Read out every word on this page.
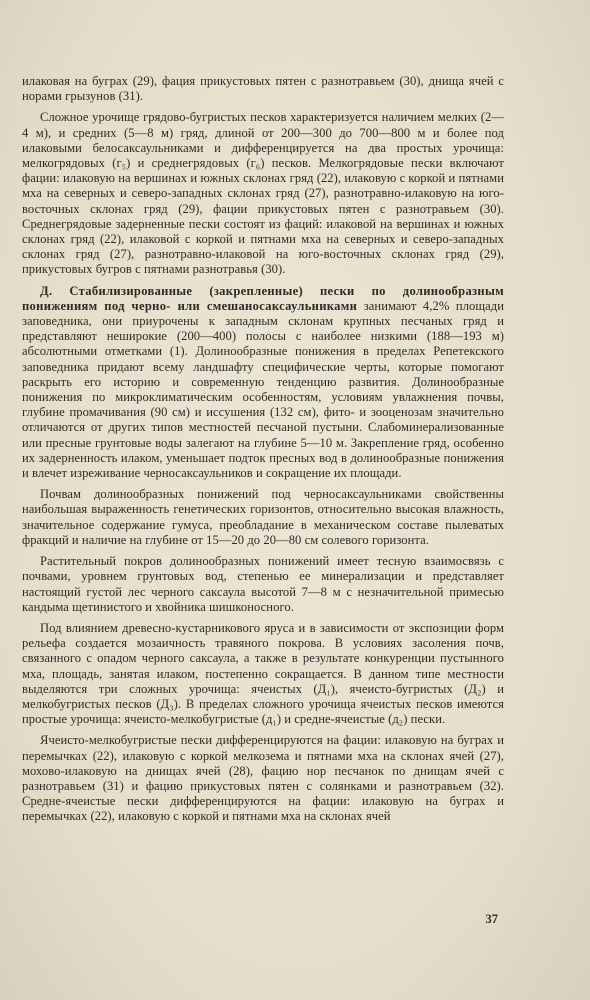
илаковая на буграх (29), фация прикустовых пятен с разнотравьем (30), днища ячей с норами грызунов (31).

Сложное урочище грядово-бугристых песков характеризуется наличием мелких (2—4 м), и средних (5—8 м) гряд, длиной от 200—300 до 700—800 м и более под илаковыми белосаксаульниками и дифференцируется на два простых урочища: мелкогрядовых (г₅) и среднегрядовых (г₆) песков. Мелкогрядовые пески включают фации: илаковую на вершинах и южных склонах гряд (22), илаковую с коркой и пятнами мха на северных и северо-западных склонах гряд (27), разнотравно-илаковую на юго-восточных склонах гряд (29), фации прикустовых пятен с разнотравьем (30). Среднегрядовые задерненные пески состоят из фаций: илаковой на вершинах и южных склонах гряд (22), илаковой с коркой и пятнами мха на северных и северо-западных склонах гряд (27), разнотравно-илаковой на юго-восточных склонах гряд (29), прикустовых бугров с пятнами разнотравья (30).

Д. Стабилизированные (закрепленные) пески по долинообразным понижениям под черно- или смешаносаксаульниками занимают 4,2% площади заповедника, они приурочены к западным склонам крупных песчаных гряд и представляют неширокие (200—400) полосы с наиболее низкими (188—193 м) абсолютными отметками (1). Долинообразные понижения в пределах Репетекского заповедника придают всему ландшафту специфические черты, которые помогают раскрыть его историю и современную тенденцию развития. Долинообразные понижения по микроклиматическим особенностям, условиям увлажнения почвы, глубине промачивания (90 см) и иссушения (132 см), фито- и зооценозам значительно отличаются от других типов местностей песчаной пустыни. Слабоминерализованные или пресные грунтовые воды залегают на глубине 5—10 м. Закрепление гряд, особенно их задерненность илаком, уменьшает подток пресных вод в долинообразные понижения и влечет изреживание черносаксаульников и сокращение их площади.

Почвам долинообразных понижений под черносаксаульниками свойственны наибольшая выраженность генетических горизонтов, относительно высокая влажность, значительное содержание гумуса, преобладание в механическом составе пылеватых фракций и наличие на глубине от 15—20 до 20—80 см солевого горизонта.

Растительный покров долинообразных понижений имеет тесную взаимосвязь с почвами, уровнем грунтовых вод, степенью ее минерализации и представляет настоящий густой лес черного саксаула высотой 7—8 м с незначительной примесью кандыма щетинистого и хвойника шишконосного.

Под влиянием древесно-кустарникового яруса и в зависимости от экспозиции форм рельефа создается мозаичность травяного покрова. В условиях засоления почв, связанного с опадом черного саксаула, а также в результате конкуренции пустынного мха, площадь, занятая илаком, постепенно сокращается. В данном типе местности выделяются три сложных урочища: ячеистых (Д₁), ячеисто-бугристых (Д₂) и мелкобугристых песков (Д₃). В пределах сложного урочища ячеистых песков имеются простые урочища: ячеисто-мелкобугристые (д₁) и средне-ячеистые (д₂) пески.

Ячеисто-мелкобугристые пески дифференцируются на фации: илаковую на буграх и перемычках (22), илаковую с коркой мелкозема и пятнами мха на склонах ячей (27), мохово-илаковую на днищах ячей (28), фацию нор песчанок по днищам ячей с разнотравьем (31) и фацию прикустовых пятен с солянками и разнотравьем (32). Средне-ячеистые пески дифференцируются на фации: илаковую на буграх и перемычках (22), илаковую с коркой и пятнами мха на склонах ячей

37
